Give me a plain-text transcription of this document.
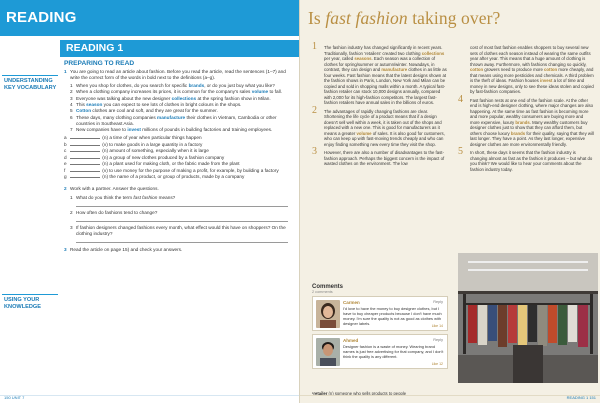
READING
READING 1
UNDERSTANDING KEY VOCABULARY
USING YOUR KNOWLEDGE
PREPARING TO READ
1 You are going to read an article about fashion. Before you read the article, read the sentences (1–7) and write the correct form of the words in bold next to the definitions (a–g).
1 When you shop for clothes, do you search for specific brands, or do you just buy what you like?
2 When a clothing company increases its prices, it is common for the company's sales volume to fall.
3 Everyone was talking about the new designer collections at the spring fashion show in Milan.
4 This season you can expect to see lots of clothes in bright colours in the shops.
5 Cotton clothes are cool and soft, and they are great for the summer.
6 These days, many clothing companies manufacture their clothes in Vietnam, Cambodia or other countries in Southeast Asia.
7 New companies have to invest millions of pounds in building factories and training employees.
a	(n) a time of year when particular things happen
b	(v) to make goods in a large quantity in a factory
c	(n) amount of something, especially when it is large
d	(n) a group of new clothes produced by a fashion company
e	(n) a plant used for making cloth, or the fabric made from the plant
f	(v) to use money for the purpose of making a profit, for example, by building a factory
g	(n) the name of a product, or group of products, made by a company
2 Work with a partner. Answer the questions.
1 What do you think the term fast fashion means?
2 How often do fashions tend to change?
3 If fashion designers changed fashions every month, what effect would this have on shoppers? On the clothing industry?
3 Read the article on page 15) and check your answers.
150 UNIT 7
Is fast fashion taking over?
1 The fashion industry has changed significantly in recent years. Traditionally, fashion ‘retailers’ created two clothing collections per year, called seasons. Each season was a collection of clothes for spring/summer or autumn/winter. Nowadays, in contrast, they can design and manufacture clothes in as little as four weeks. Fast fashion means that the latest designs shown at the fashion shows in Paris, London, New York and Milan can be copied and sold in shopping malls within a month. A typical fast-fashion retailer can stock 10,000 designs annually, compared with 2,000 for its high-fashion competitors. The largest fast-fashion retailers have annual sales in the billions of euros.
2 The advantages of rapidly changing fashions are clear. Shortening the life cycle of a product means that if a design doesn't sell well within a week, it is taken out of the shops and replaced with a new one. This is good for manufacturers as it means a greater volume of sales. It is also good for customers, who can keep up with fast-moving trends cheaply and who can enjoy finding something new every time they visit the shop.
3 However, there are also a number of disadvantages to the fast-fashion approach. Perhaps the biggest concern is the impact of wasted clothes on the environment. The low
cost of most fast fashion enables shoppers to buy several new sets of clothes each season instead of wearing the same outfits year after year. This means that a huge amount of clothing is thrown away. Furthermore, with fashions changing so quickly, cotton growers need to produce more cotton more cheaply, and that means using more pesticides and chemicals. A third problem is the theft of ideas. Fashion houses invest a lot of time and money in new designs, only to see these ideas stolen and copied by fast-fashion companies.
4 Fast fashion rests at one end of the fashion scale. At the other end is high-end designer clothing, where major changes are also happening. At the same time as fast fashion is becoming more and more popular, wealthy consumers are buying more and more expensive, luxury brands. Many wealthy customers buy designer clothes just to show that they can afford them, but others choose luxury brands for their quality, saying that they will last longer. They have a point. As they last longer, expensive designer clothes are more environmentally friendly.
5 In short, these days it seems that the fashion industry is changing almost as fast as the fashion it produces – but what do you think? We would like to hear your comments about the fashion industry today.
Comments
2 comments
Carmen	Reply
I'd love to have the money to buy designer clothes, but I have to buy cheaper products because I don't have much money. I'm sure the quality is not as good as clothes with designer labels.	Like 14
Ahmed	Reply
Designer fashion is a waste of money. Wearing brand names is just free advertising for that company, and I don't think the quality is any different.
Like 12
¹retailer (n) someone who sells products to people
READING 1 151
